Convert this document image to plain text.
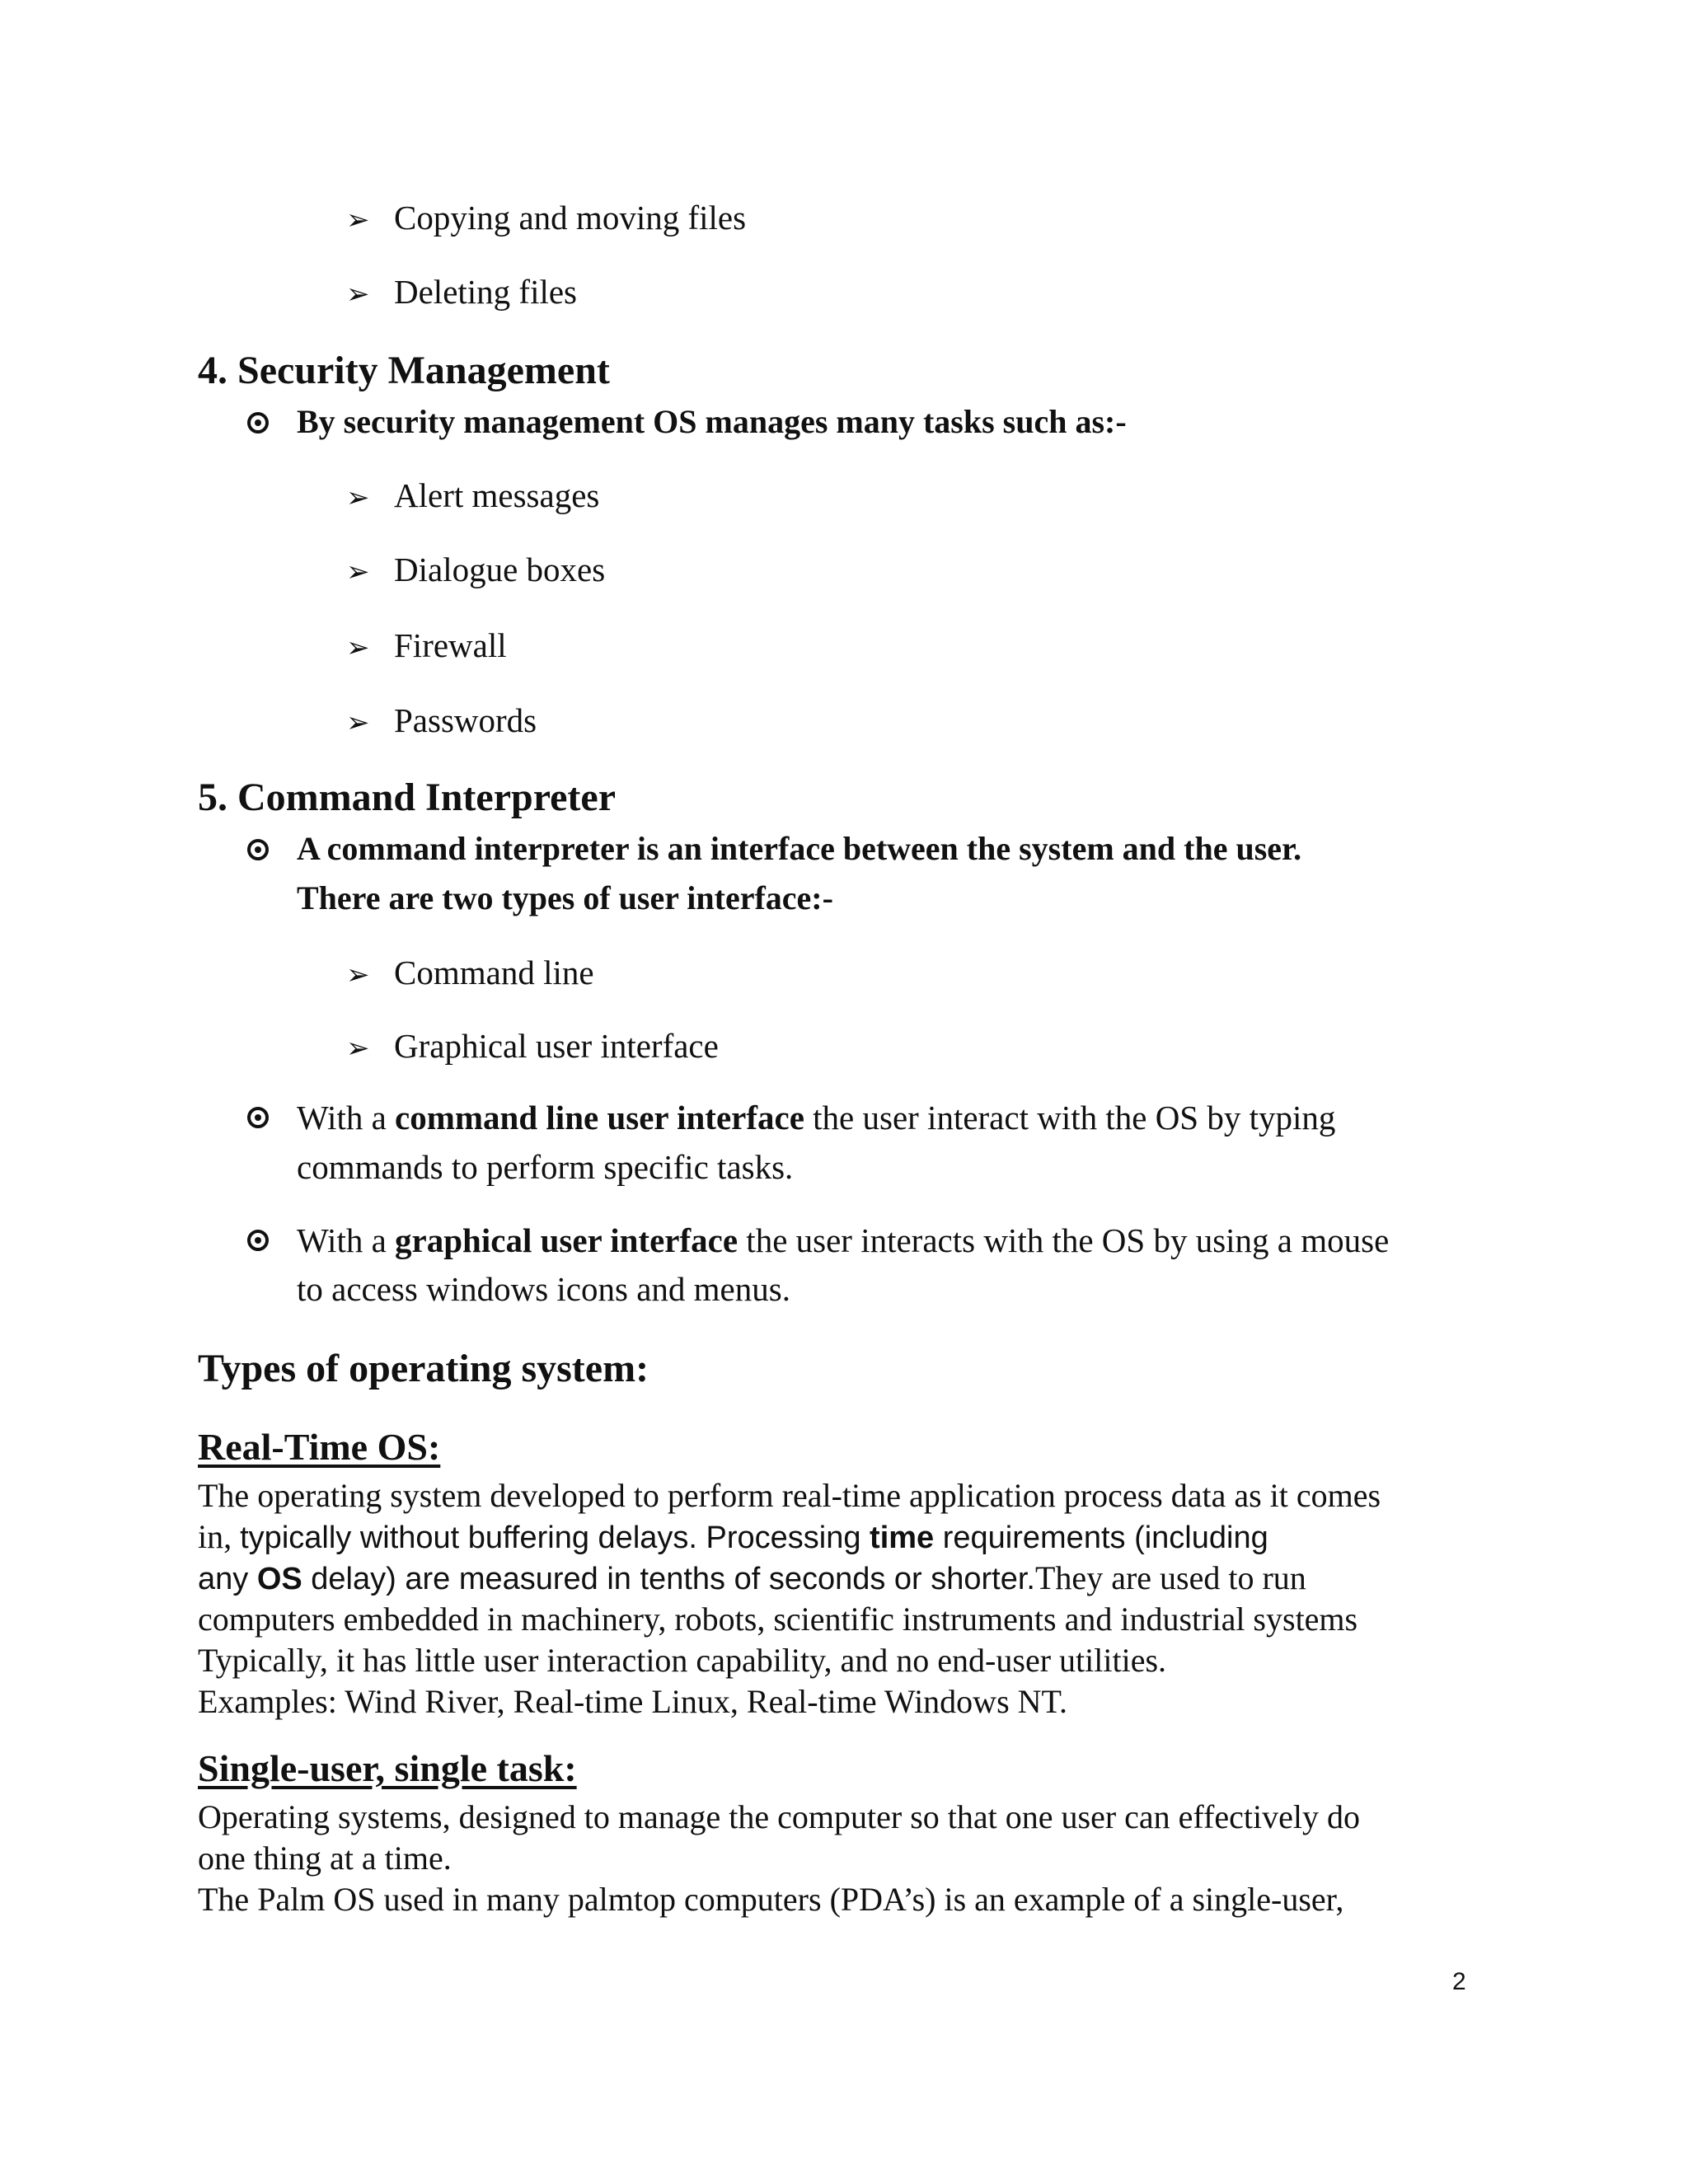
➢ Copying and moving files
➢ Deleting files
4. Security Management
By security management OS manages many tasks such as:-
➢ Alert messages
➢ Dialogue boxes
➢ Firewall
➢ Passwords
5. Command Interpreter
A command interpreter is an interface between the system and the user.
There are two types of user interface:-
➢ Command line
➢ Graphical user interface
With a command line user interface the user interact with the OS by typing
commands to perform specific tasks.
With a graphical user interface the user interacts with the OS by using a mouse
to access windows icons and menus.
Types of operating system:
Real-Time OS:
The operating system developed to perform real-time application process data as it comes
in, typically without buffering delays. Processing time requirements (including
any OS delay) are measured in tenths of seconds or shorter.They are used to run
computers embedded in machinery, robots, scientific instruments and industrial systems
Typically, it has little user interaction capability, and no end-user utilities.
Examples: Wind River, Real-time Linux, Real-time Windows NT.
Single-user, single task:
Operating systems, designed to manage the computer so that one user can effectively do
one thing at a time.
The Palm OS used in many palmtop computers (PDA’s) is an example of a single-user,
2
